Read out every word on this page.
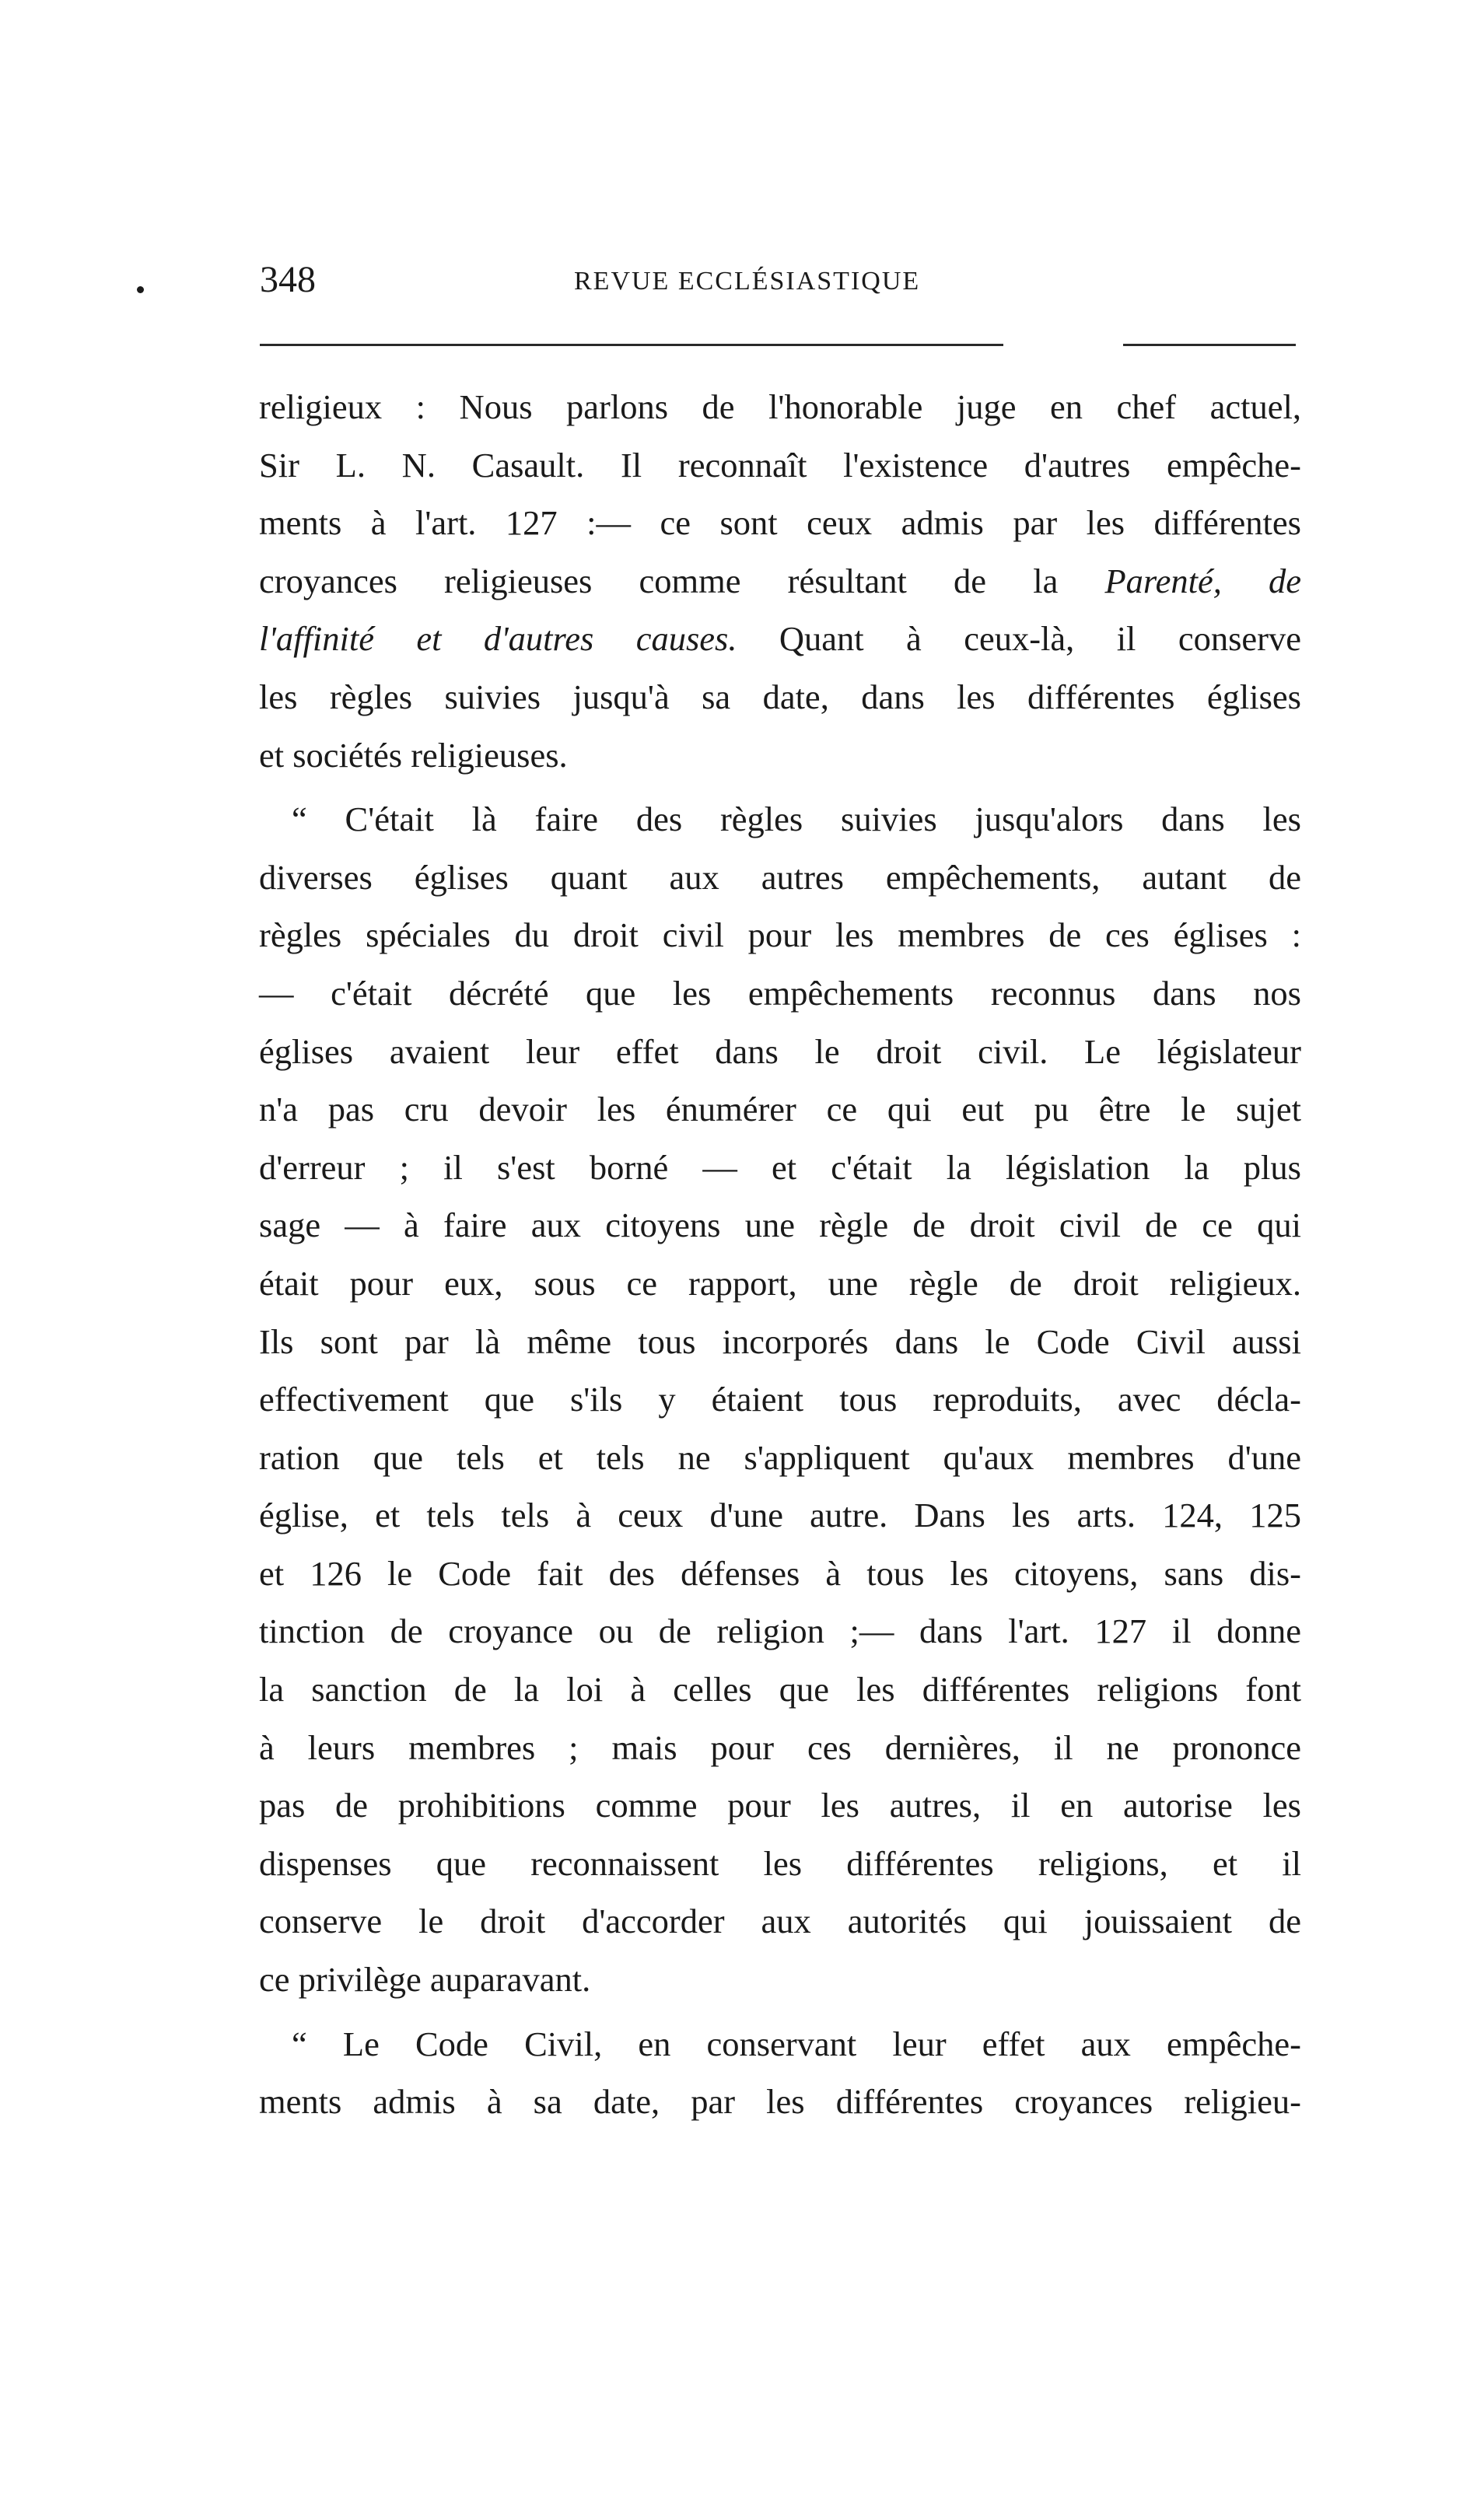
348	REVUE ECCLÉSIASTIQUE
religieux : Nous parlons de l'honorable juge en chef actuel,
Sir L. N. Casault. Il reconnaît l'existence d'autres empêche-
ments à l'art. 127 :— ce sont ceux admis par les différentes
croyances religieuses comme résultant de la Parenté, de
l'affinité et d'autres causes. Quant à ceux-là, il conserve
les règles suivies jusqu'à sa date, dans les différentes églises
et sociétés religieuses.
“ C'était là faire des règles suivies jusqu'alors dans les
diverses églises quant aux autres empêchements, autant de
règles spéciales du droit civil pour les membres de ces églises :
— c'était décrété que les empêchements reconnus dans nos
églises avaient leur effet dans le droit civil. Le législateur
n'a pas cru devoir les énumérer ce qui eut pu être le sujet
d'erreur ; il s'est borné — et c'était la législation la plus
sage — à faire aux citoyens une règle de droit civil de ce qui
était pour eux, sous ce rapport, une règle de droit religieux.
Ils sont par là même tous incorporés dans le Code Civil aussi
effectivement que s'ils y étaient tous reproduits, avec décla-
ration que tels et tels ne s'appliquent qu'aux membres d'une
église, et tels tels à ceux d'une autre. Dans les arts. 124, 125
et 126 le Code fait des défenses à tous les citoyens, sans dis-
tinction de croyance ou de religion ;— dans l'art. 127 il donne
la sanction de la loi à celles que les différentes religions font
à leurs membres ; mais pour ces dernières, il ne prononce
pas de prohibitions comme pour les autres, il en autorise les
dispenses que reconnaissent les différentes religions, et il
conserve le droit d'accorder aux autorités qui jouissaient de
ce privilège auparavant.
“ Le Code Civil, en conservant leur effet aux empêche-
ments admis à sa date, par les différentes croyances religieu-
